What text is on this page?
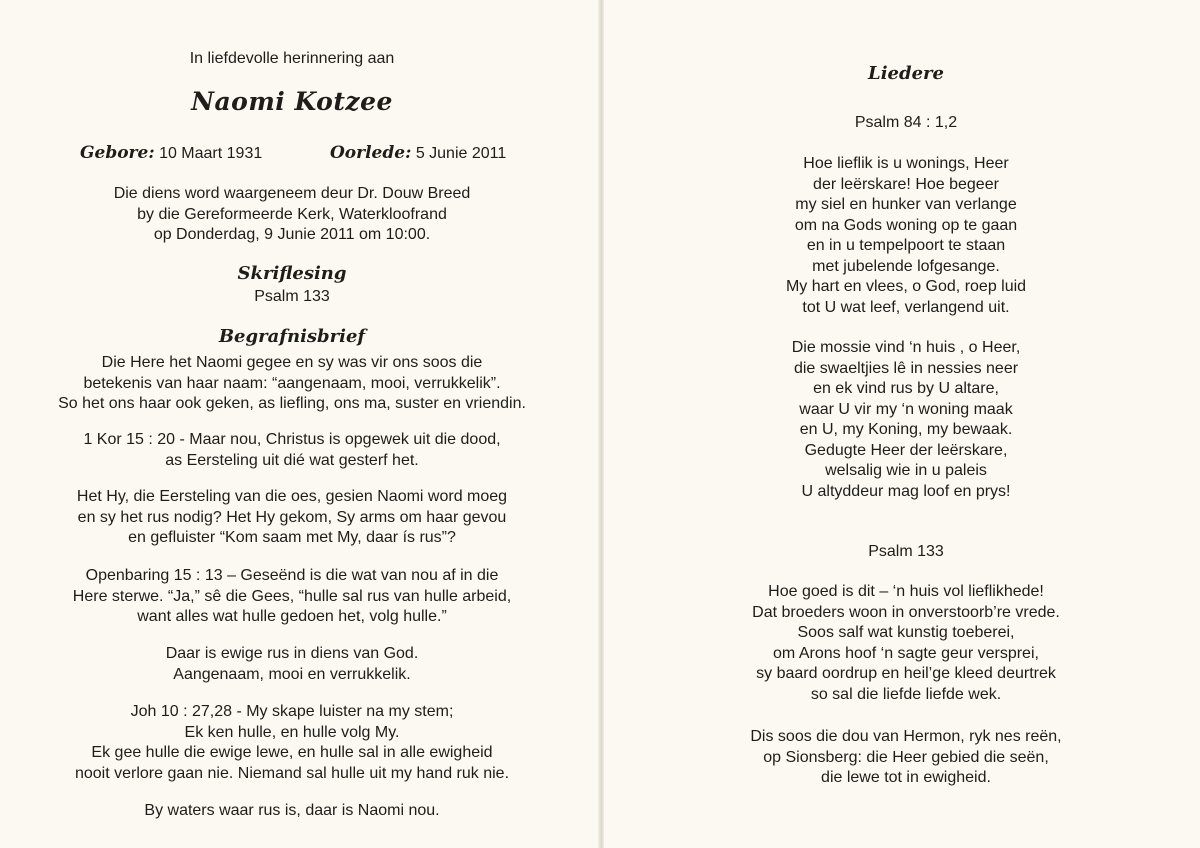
In liefdevolle herinnering aan
Naomi Kotzee
Gebore: 10 Maart 1931	Oorlede: 5 Junie 2011
Die diens word waargeneem deur Dr. Douw Breed
by die Gereformeerde Kerk, Waterkloofrand
op Donderdag, 9 Junie 2011 om 10:00.
Skriflesing
Psalm 133
Begrafnisbrief
Die Here het Naomi gegee en sy was vir ons soos die
betekenis van haar naam: “aangenaam, mooi, verrukkelik”.
So het ons haar ook geken, as liefling, ons ma, suster en vriendin.
1 Kor 15 : 20 - Maar nou, Christus is opgewek uit die dood,
as Eersteling uit dié wat gesterf het.
Het Hy, die Eersteling van die oes, gesien Naomi word moeg
en sy het rus nodig? Het Hy gekom, Sy arms om haar gevou
en gefluister “Kom saam met My, daar ís rus”?
Openbaring 15 : 13 – Geseënd is die wat van nou af in die
Here sterwe. “Ja,” sê die Gees, “hulle sal rus van hulle arbeid,
want alles wat hulle gedoen het, volg hulle.”
Daar is ewige rus in diens van God.
Aangenaam, mooi en verrukkelik.
Joh 10 : 27,28 - My skape luister na my stem;
Ek ken hulle, en hulle volg My.
Ek gee hulle die ewige lewe, en hulle sal in alle ewigheid
nooit verlore gaan nie. Niemand sal hulle uit my hand ruk nie.
By waters waar rus is, daar is Naomi nou.
Liedere
Psalm 84 : 1,2
Hoe lieflik is u wonings, Heer
der leërskare! Hoe begeer
my siel en hunker van verlange
om na Gods woning op te gaan
en in u tempelpoort te staan
met jubelende lofgesange.
My hart en vlees, o God, roep luid
tot U wat leef, verlangend uit.
Die mossie vind ‘n huis , o Heer,
die swaeltjies lê in nessies neer
en ek vind rus by U altare,
waar U vir my ‘n woning maak
en U, my Koning, my bewaak.
Gedugte Heer der leërskare,
welsalig wie in u paleis
U altyddeur mag loof en prys!
Psalm 133
Hoe goed is dit – ‘n huis vol lieflikhede!
Dat broeders woon in onverstoorb’re vrede.
Soos salf wat kunstig toeberei,
om Arons hoof ‘n sagte geur versprei,
sy baard oordrup en heil’ge kleed deurtrek
so sal die liefde liefde wek.
Dis soos die dou van Hermon, ryk nes reën,
op Sionsberg: die Heer gebied die seën,
die lewe tot in ewigheid.
